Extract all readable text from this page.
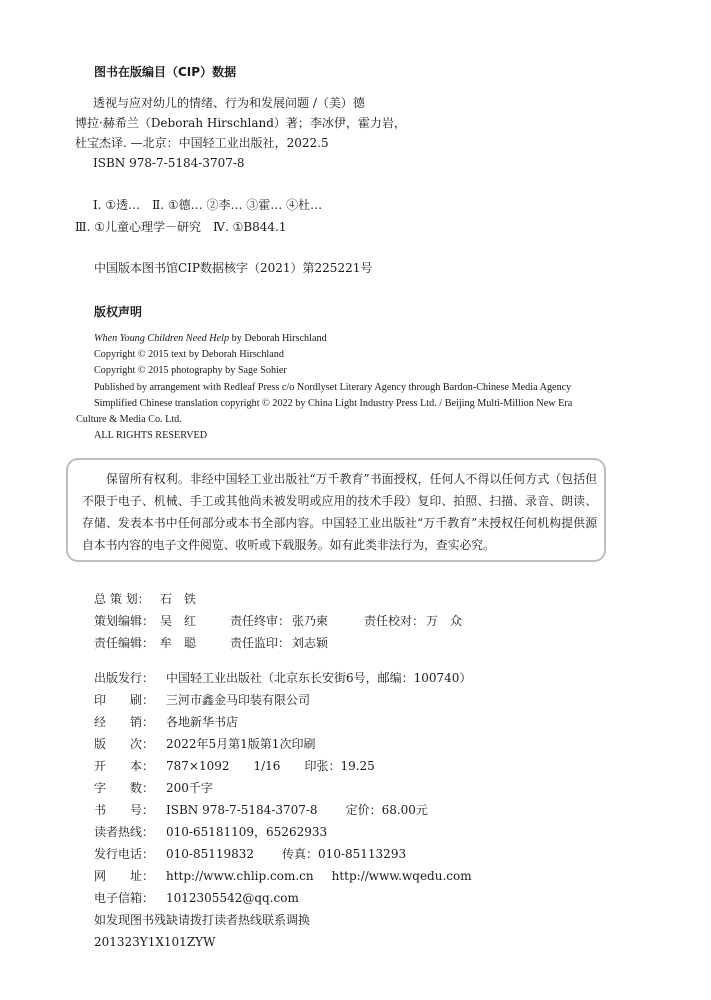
图书在版编目（CIP）数据
透视与应对幼儿的情绪、行为和发展问题 /（美）德
博拉·赫希兰（Deborah Hirschland）著；李冰伊，霍力岩，
杜宝杰译. —北京：中国轻工业出版社，2022.5
ISBN 978-7-5184-3707-8
Ⅰ. ①透…　Ⅱ. ①德… ②李… ③霍… ④杜…
Ⅲ. ①儿童心理学－研究　Ⅳ. ①B844.1
中国版本图书馆CIP数据核字（2021）第225221号
版权声明
When Young Children Need Help by Deborah Hirschland
Copyright © 2015 text by Deborah Hirschland
Copyright © 2015 photography by Sage Sohier
Published by arrangement with Redleaf Press c/o Nordlyset Literary Agency through Bardon-Chinese Media Agency
Simplified Chinese translation copyright © 2022 by China Light Industry Press Ltd. / Beijing Multi-Million New Era
Culture & Media Co. Ltd.
ALL RIGHTS RESERVED
保留所有权利。非经中国轻工业出版社“万千教育”书面授权，任何人不得以任何方式（包括但不限于电子、机械、手工或其他尚未被发明或应用的技术手段）复印、拍照、扫描、录音、朗读、存储、发表本书中任何部分或本书全部内容。中国轻工业出版社“万千教育”未授权任何机构提供源自本书内容的电子文件阅览、收听或下载服务。如有此类非法行为，查实必究。
总 策 划： 石　铁
策划编辑： 吴　红	责任终审： 张乃柬	责任校对： 万　众
责任编辑： 牟　聪	责任监印： 刘志颖
出版发行： 中国轻工业出版社（北京东长安街6号，邮编：100740）
印　　刷： 三河市鑫金马印装有限公司
经　　销： 各地新华书店
版　　次： 2022年5月第1版第1次印刷
开　　本： 787×1092　　1/16　　印张：19.25
字　　数： 200千字
书　　号： ISBN 978-7-5184-3707-8 定价：68.00元
读者热线： 010-65181109，65262933
发行电话： 010-85119832 传真：010-85113293
网　　址： http://www.chlip.com.cn http://www.wqedu.com
电子信箱： 1012305542@qq.com
如发现图书残缺请拨打读者热线联系调换
201323Y1X101ZYW
